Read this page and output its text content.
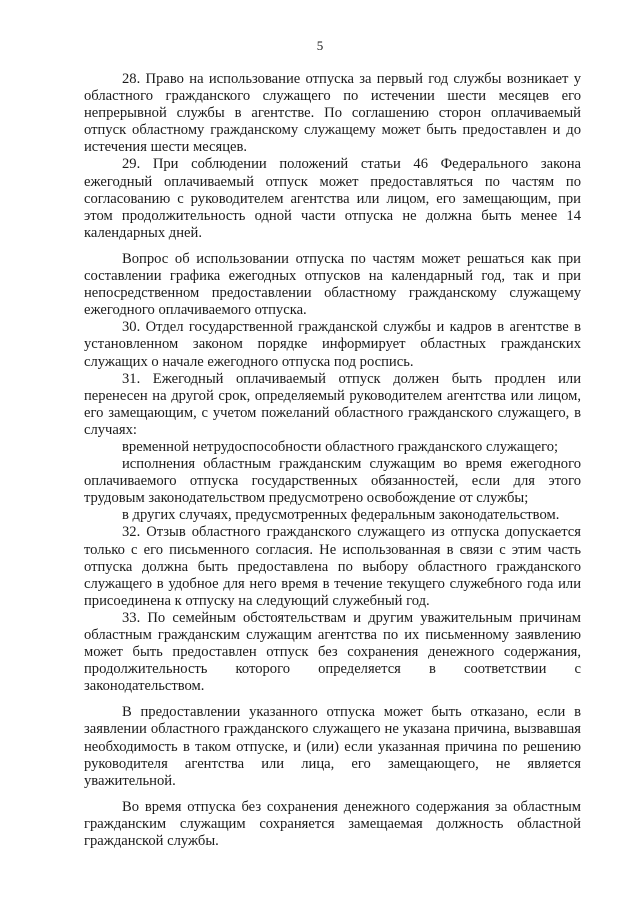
5

28. Право на использование отпуска за первый год службы возникает у областного гражданского служащего по истечении шести месяцев его непрерывной службы в агентстве. По соглашению сторон оплачиваемый отпуск областному гражданскому служащему может быть предоставлен и до истечения шести месяцев.

29. При соблюдении положений статьи 46 Федерального закона ежегодный оплачиваемый отпуск может предоставляться по частям по согласованию с руководителем агентства или лицом, его замещающим, при этом продолжительность одной части отпуска не должна быть менее 14 календарных дней.

Вопрос об использовании отпуска по частям может решаться как при составлении графика ежегодных отпусков на календарный год, так и при непосредственном предоставлении областному гражданскому служащему ежегодного оплачиваемого отпуска.

30. Отдел государственной гражданской службы и кадров в агентстве в установленном законом порядке информирует областных гражданских служащих о начале ежегодного отпуска под роспись.

31. Ежегодный оплачиваемый отпуск должен быть продлен или перенесен на другой срок, определяемый руководителем агентства или лицом, его замещающим, с учетом пожеланий областного гражданского служащего, в случаях:

временной нетрудоспособности областного гражданского служащего;

исполнения областным гражданским служащим во время ежегодного оплачиваемого отпуска государственных обязанностей, если для этого трудовым законодательством предусмотрено освобождение от службы;

в других случаях, предусмотренных федеральным законодательством.

32. Отзыв областного гражданского служащего из отпуска допускается только с его письменного согласия. Не использованная в связи с этим часть отпуска должна быть предоставлена по выбору областного гражданского служащего в удобное для него время в течение текущего служебного года или присоединена к отпуску на следующий служебный год.

33. По семейным обстоятельствам и другим уважительным причинам областным гражданским служащим агентства по их письменному заявлению может быть предоставлен отпуск без сохранения денежного содержания, продолжительность которого определяется в соответствии с законодательством.

В предоставлении указанного отпуска может быть отказано, если в заявлении областного гражданского служащего не указана причина, вызвавшая необходимость в таком отпуске, и (или) если указанная причина по решению руководителя агентства или лица, его замещающего, не является уважительной.

Во время отпуска без сохранения денежного содержания за областным гражданским служащим сохраняется замещаемая должность областной гражданской службы.
